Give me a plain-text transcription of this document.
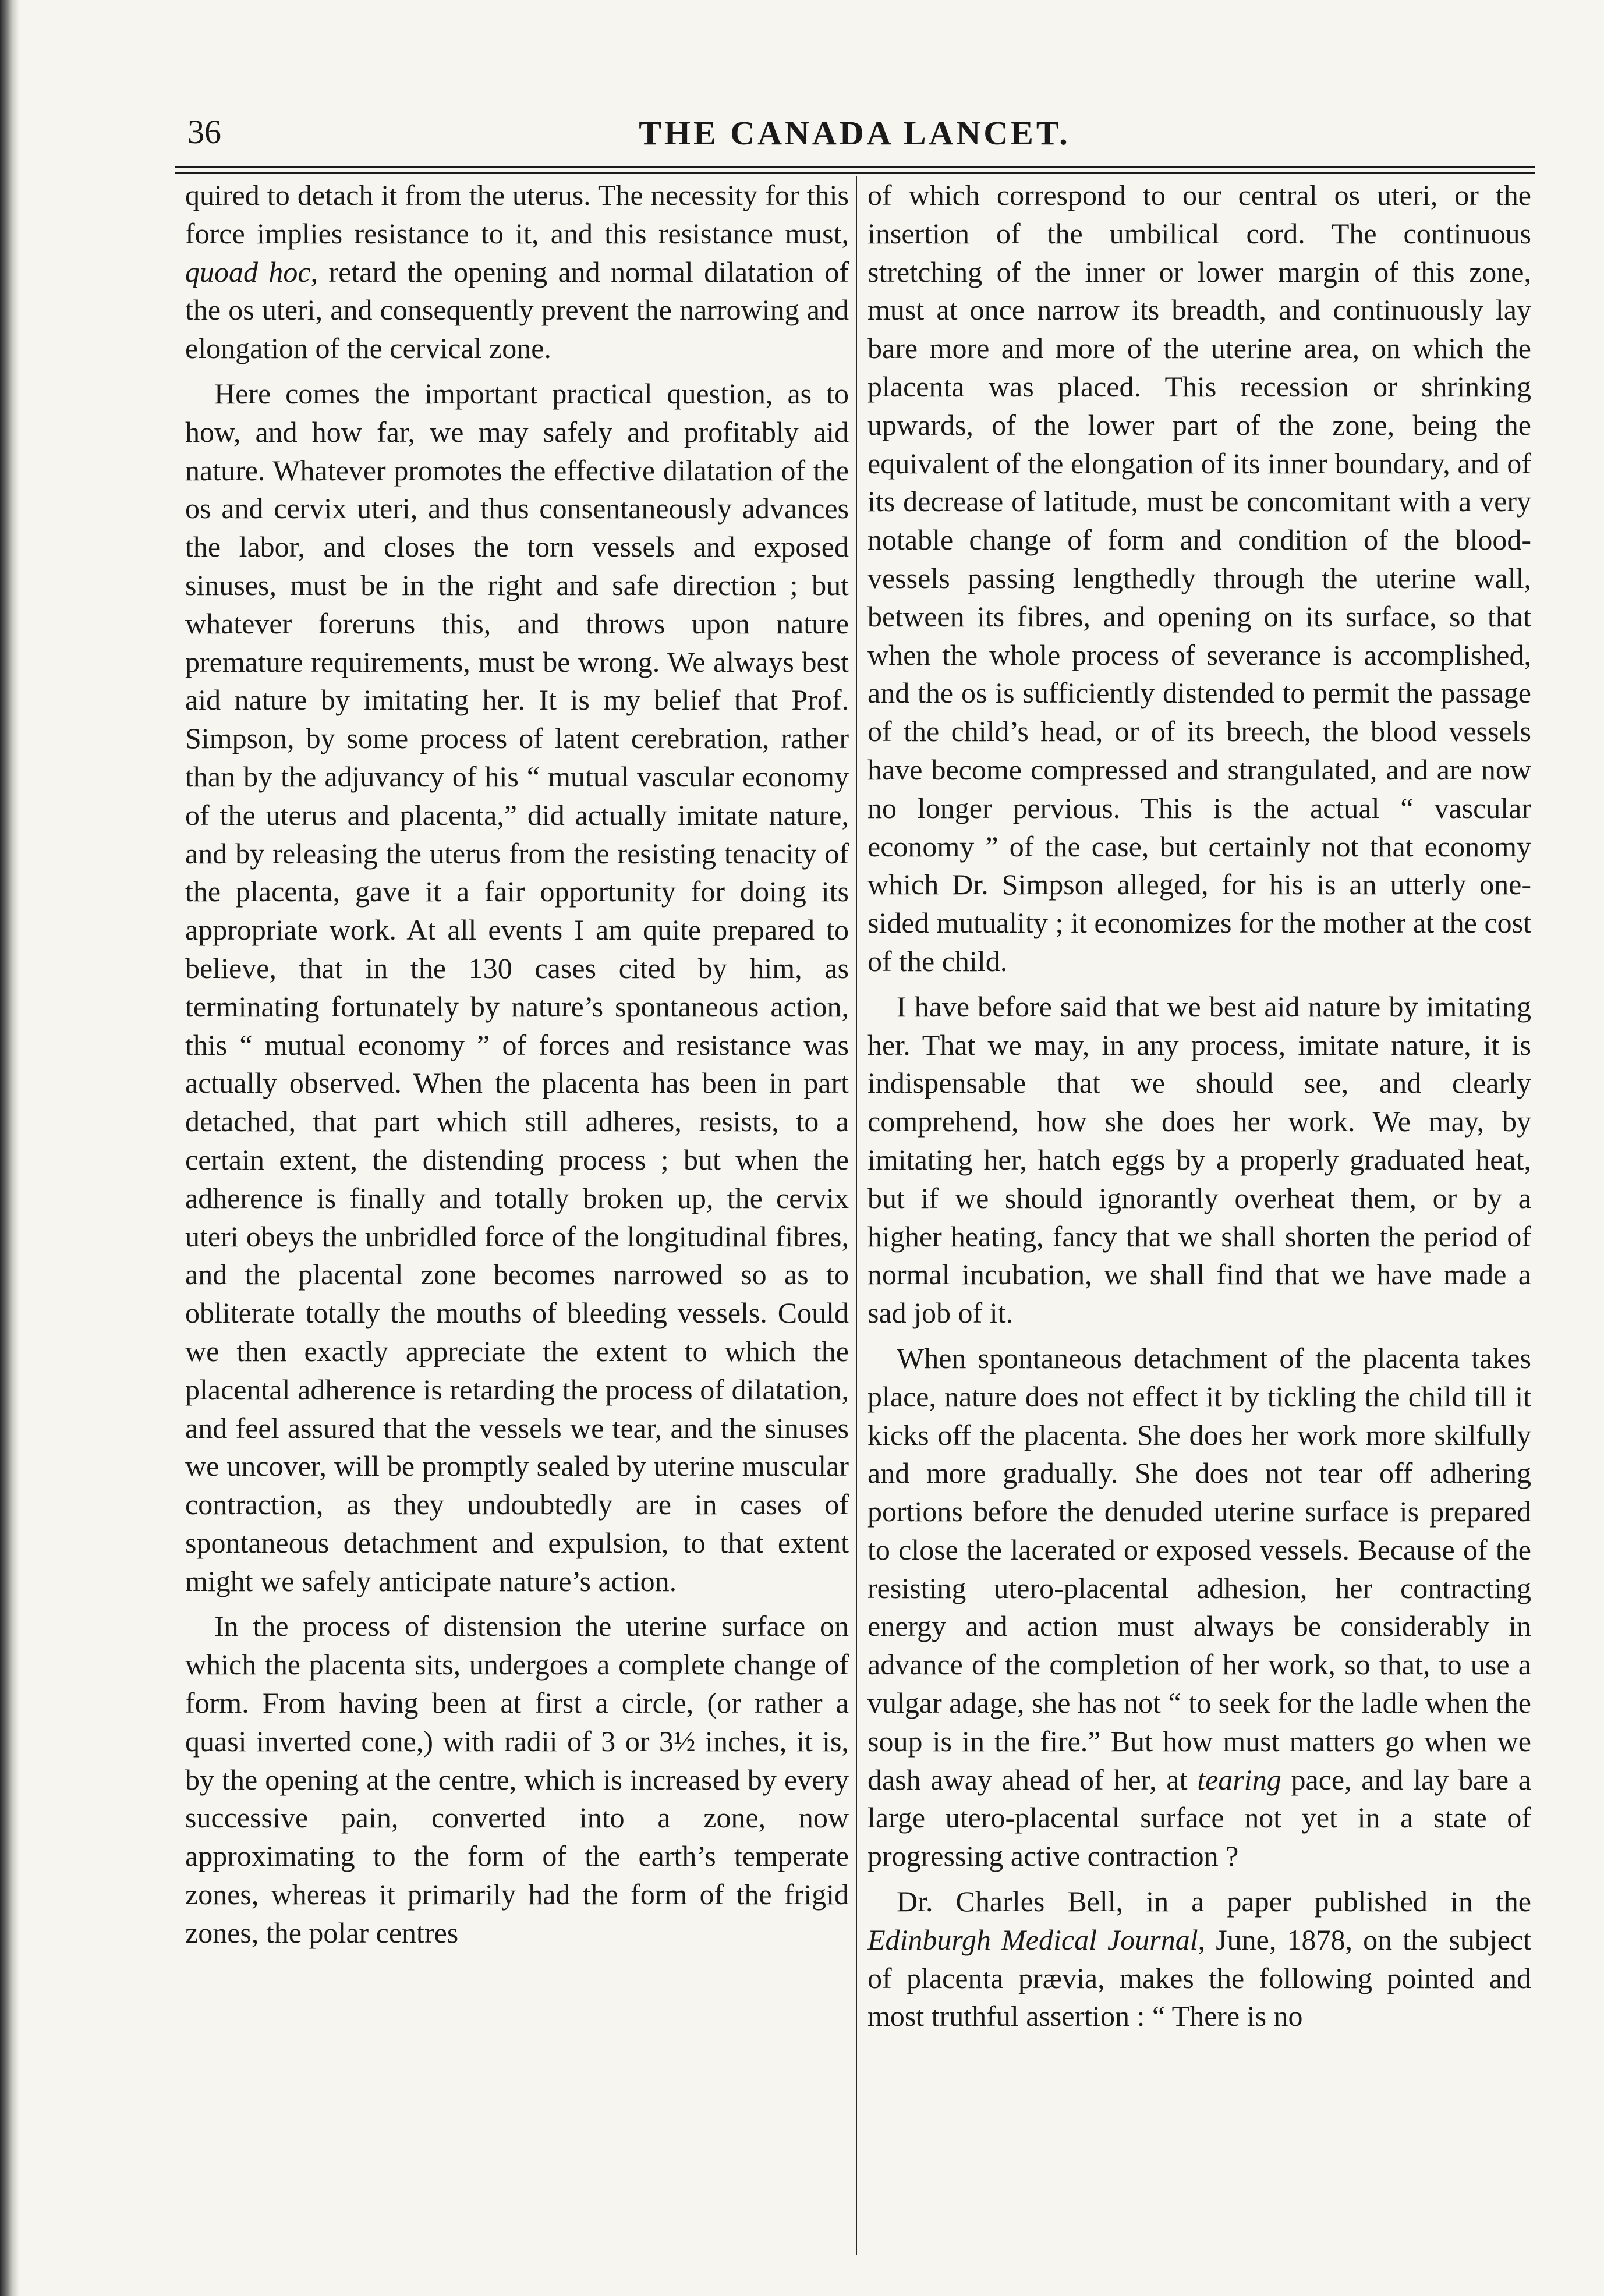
36	THE CANADA LANCET.

quired to detach it from the uterus. The necessity for this force implies resistance to it, and this resistance must, quoad hoc, retard the opening and normal dilatation of the os uteri, and consequently prevent the narrowing and elongation of the cervical zone.

Here comes the important practical question, as to how, and how far, we may safely and profitably aid nature. Whatever promotes the effective dilatation of the os and cervix uteri, and thus consentaneously advances the labor, and closes the torn vessels and exposed sinuses, must be in the right and safe direction ; but whatever foreruns this, and throws upon nature premature requirements, must be wrong. We always best aid nature by imitating her. It is my belief that Prof. Simpson, by some process of latent cerebration, rather than by the adjuvancy of his “ mutual vascular economy of the uterus and placenta,” did actually imitate nature, and by releasing the uterus from the resisting tenacity of the placenta, gave it a fair opportunity for doing its appropriate work. At all events I am quite prepared to believe, that in the 130 cases cited by him, as terminating fortunately by nature’s spontaneous action, this “ mutual economy ” of forces and resistance was actually observed. When the placenta has been in part detached, that part which still adheres, resists, to a certain extent, the distending process ; but when the adherence is finally and totally broken up, the cervix uteri obeys the unbridled force of the longitudinal fibres, and the placental zone becomes narrowed so as to obliterate totally the mouths of bleeding vessels. Could we then exactly appreciate the extent to which the placental adherence is retarding the process of dilatation, and feel assured that the vessels we tear, and the sinuses we uncover, will be promptly sealed by uterine muscular contraction, as they undoubtedly are in cases of spontaneous detachment and expulsion, to that extent might we safely anticipate nature’s action.

In the process of distension the uterine surface on which the placenta sits, undergoes a complete change of form. From having been at first a circle, (or rather a quasi inverted cone,) with radii of 3 or 3½ inches, it is, by the opening at the centre, which is increased by every successive pain, converted into a zone, now approximating to the form of the earth’s temperate zones, whereas it primarily had the form of the frigid zones, the polar centres

of which correspond to our central os uteri, or the insertion of the umbilical cord. The continuous stretching of the inner or lower margin of this zone, must at once narrow its breadth, and continuously lay bare more and more of the uterine area, on which the placenta was placed. This recession or shrinking upwards, of the lower part of the zone, being the equivalent of the elongation of its inner boundary, and of its decrease of latitude, must be concomitant with a very notable change of form and condition of the blood-vessels passing lengthedly through the uterine wall, between its fibres, and opening on its surface, so that when the whole process of severance is accomplished, and the os is sufficiently distended to permit the passage of the child’s head, or of its breech, the blood vessels have become compressed and strangulated, and are now no longer pervious. This is the actual “ vascular economy ” of the case, but certainly not that economy which Dr. Simpson alleged, for his is an utterly one-sided mutuality ; it economizes for the mother at the cost of the child.

I have before said that we best aid nature by imitating her. That we may, in any process, imitate nature, it is indispensable that we should see, and clearly comprehend, how she does her work. We may, by imitating her, hatch eggs by a properly graduated heat, but if we should ignorantly overheat them, or by a higher heating, fancy that we shall shorten the period of normal incubation, we shall find that we have made a sad job of it.

When spontaneous detachment of the placenta takes place, nature does not effect it by tickling the child till it kicks off the placenta. She does her work more skilfully and more gradually. She does not tear off adhering portions before the denuded uterine surface is prepared to close the lacerated or exposed vessels. Because of the resisting utero-placental adhesion, her contracting energy and action must always be considerably in advance of the completion of her work, so that, to use a vulgar adage, she has not “ to seek for the ladle when the soup is in the fire.” But how must matters go when we dash away ahead of her, at tearing pace, and lay bare a large utero-placental surface not yet in a state of progressing active contraction ?

Dr. Charles Bell, in a paper published in the Edinburgh Medical Journal, June, 1878, on the subject of placenta prævia, makes the following pointed and most truthful assertion : “ There is no
